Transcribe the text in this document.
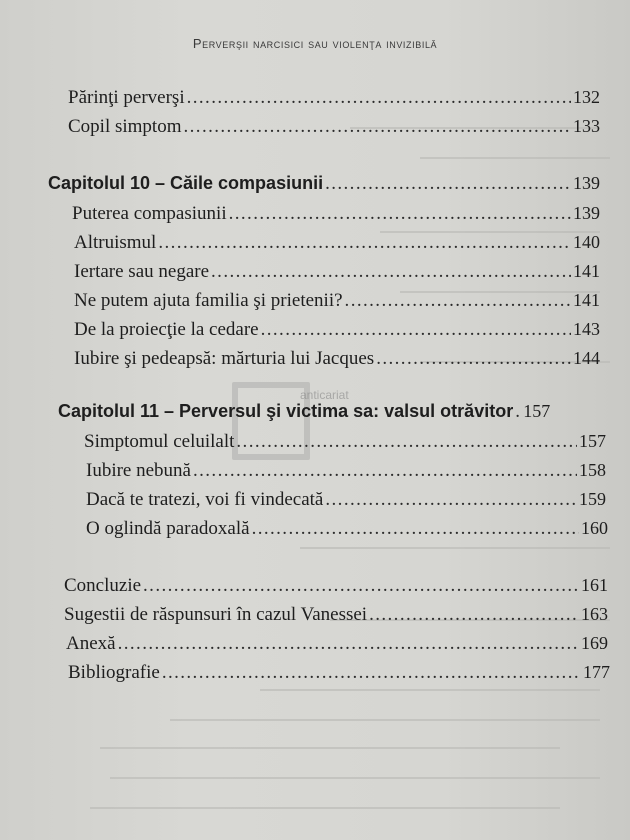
Perverşii narcisici sau violenţa invizibilă
Părinţi perverşi .....	132
Copil simptom .....	133
Capitolul 10 – Căile compasiunii .....	139
Puterea compasiunii .....	139
Altruismul .....	140
Iertare sau negare .....	141
Ne putem ajuta familia şi prietenii? .....	141
De la proiecţie la cedare .....	143
Iubire şi pedeapsă: mărturia lui Jacques .....	144
anticariat
Capitolul 11 – Perversul şi victima sa: valsul otrăvitor ..... 157
Simptomul celuilalt .....	157
Iubire nebună .....	158
Dacă te tratezi, voi fi vindecată .....	159
O oglindă paradoxală .....	160
Concluzie .....	161
Sugestii de răspunsuri în cazul Vanessei .....	163
Anexă .....	169
Bibliografie .....	177
